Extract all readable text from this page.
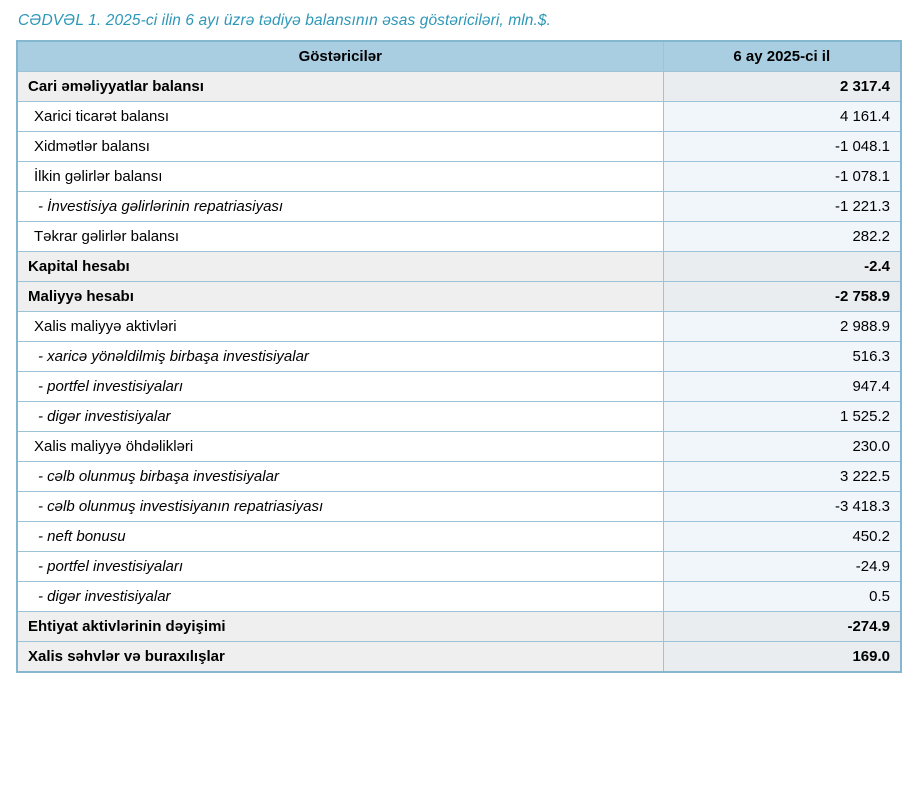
CƏDVƏL 1. 2025-ci ilin 6 ayı üzrə tədiyə balansının əsas göstəriciləri, mln.$.
Göstəricilər	6 ay 2025-ci il
Cari əməliyyatlar balansı	2 317.4
Xarici ticarət balansı	4 161.4
Xidmətlər balansı	-1 048.1
İlkin gəlirlər balansı	-1 078.1
- İnvestisiya gəlirlərinin repatriasiyası	-1 221.3
Təkrar gəlirlər balansı	282.2
Kapital hesabı	-2.4
Maliyyə hesabı	-2 758.9
Xalis maliyyə aktivləri	2 988.9
- xaricə yönəldilmiş birbaşa investisiyalar	516.3
- portfel investisiyaları	947.4
- digər investisiyalar	1 525.2
Xalis maliyyə öhdəlikləri	230.0
- cəlb olunmuş birbaşa investisiyalar	3 222.5
- cəlb olunmuş investisiyanın repatriasiyası	-3 418.3
- neft bonusu	450.2
- portfel investisiyaları	-24.9
- digər investisiyalar	0.5
Ehtiyat aktivlərinin dəyişimi	-274.9
Xalis səhvlər və buraxılışlar	169.0
